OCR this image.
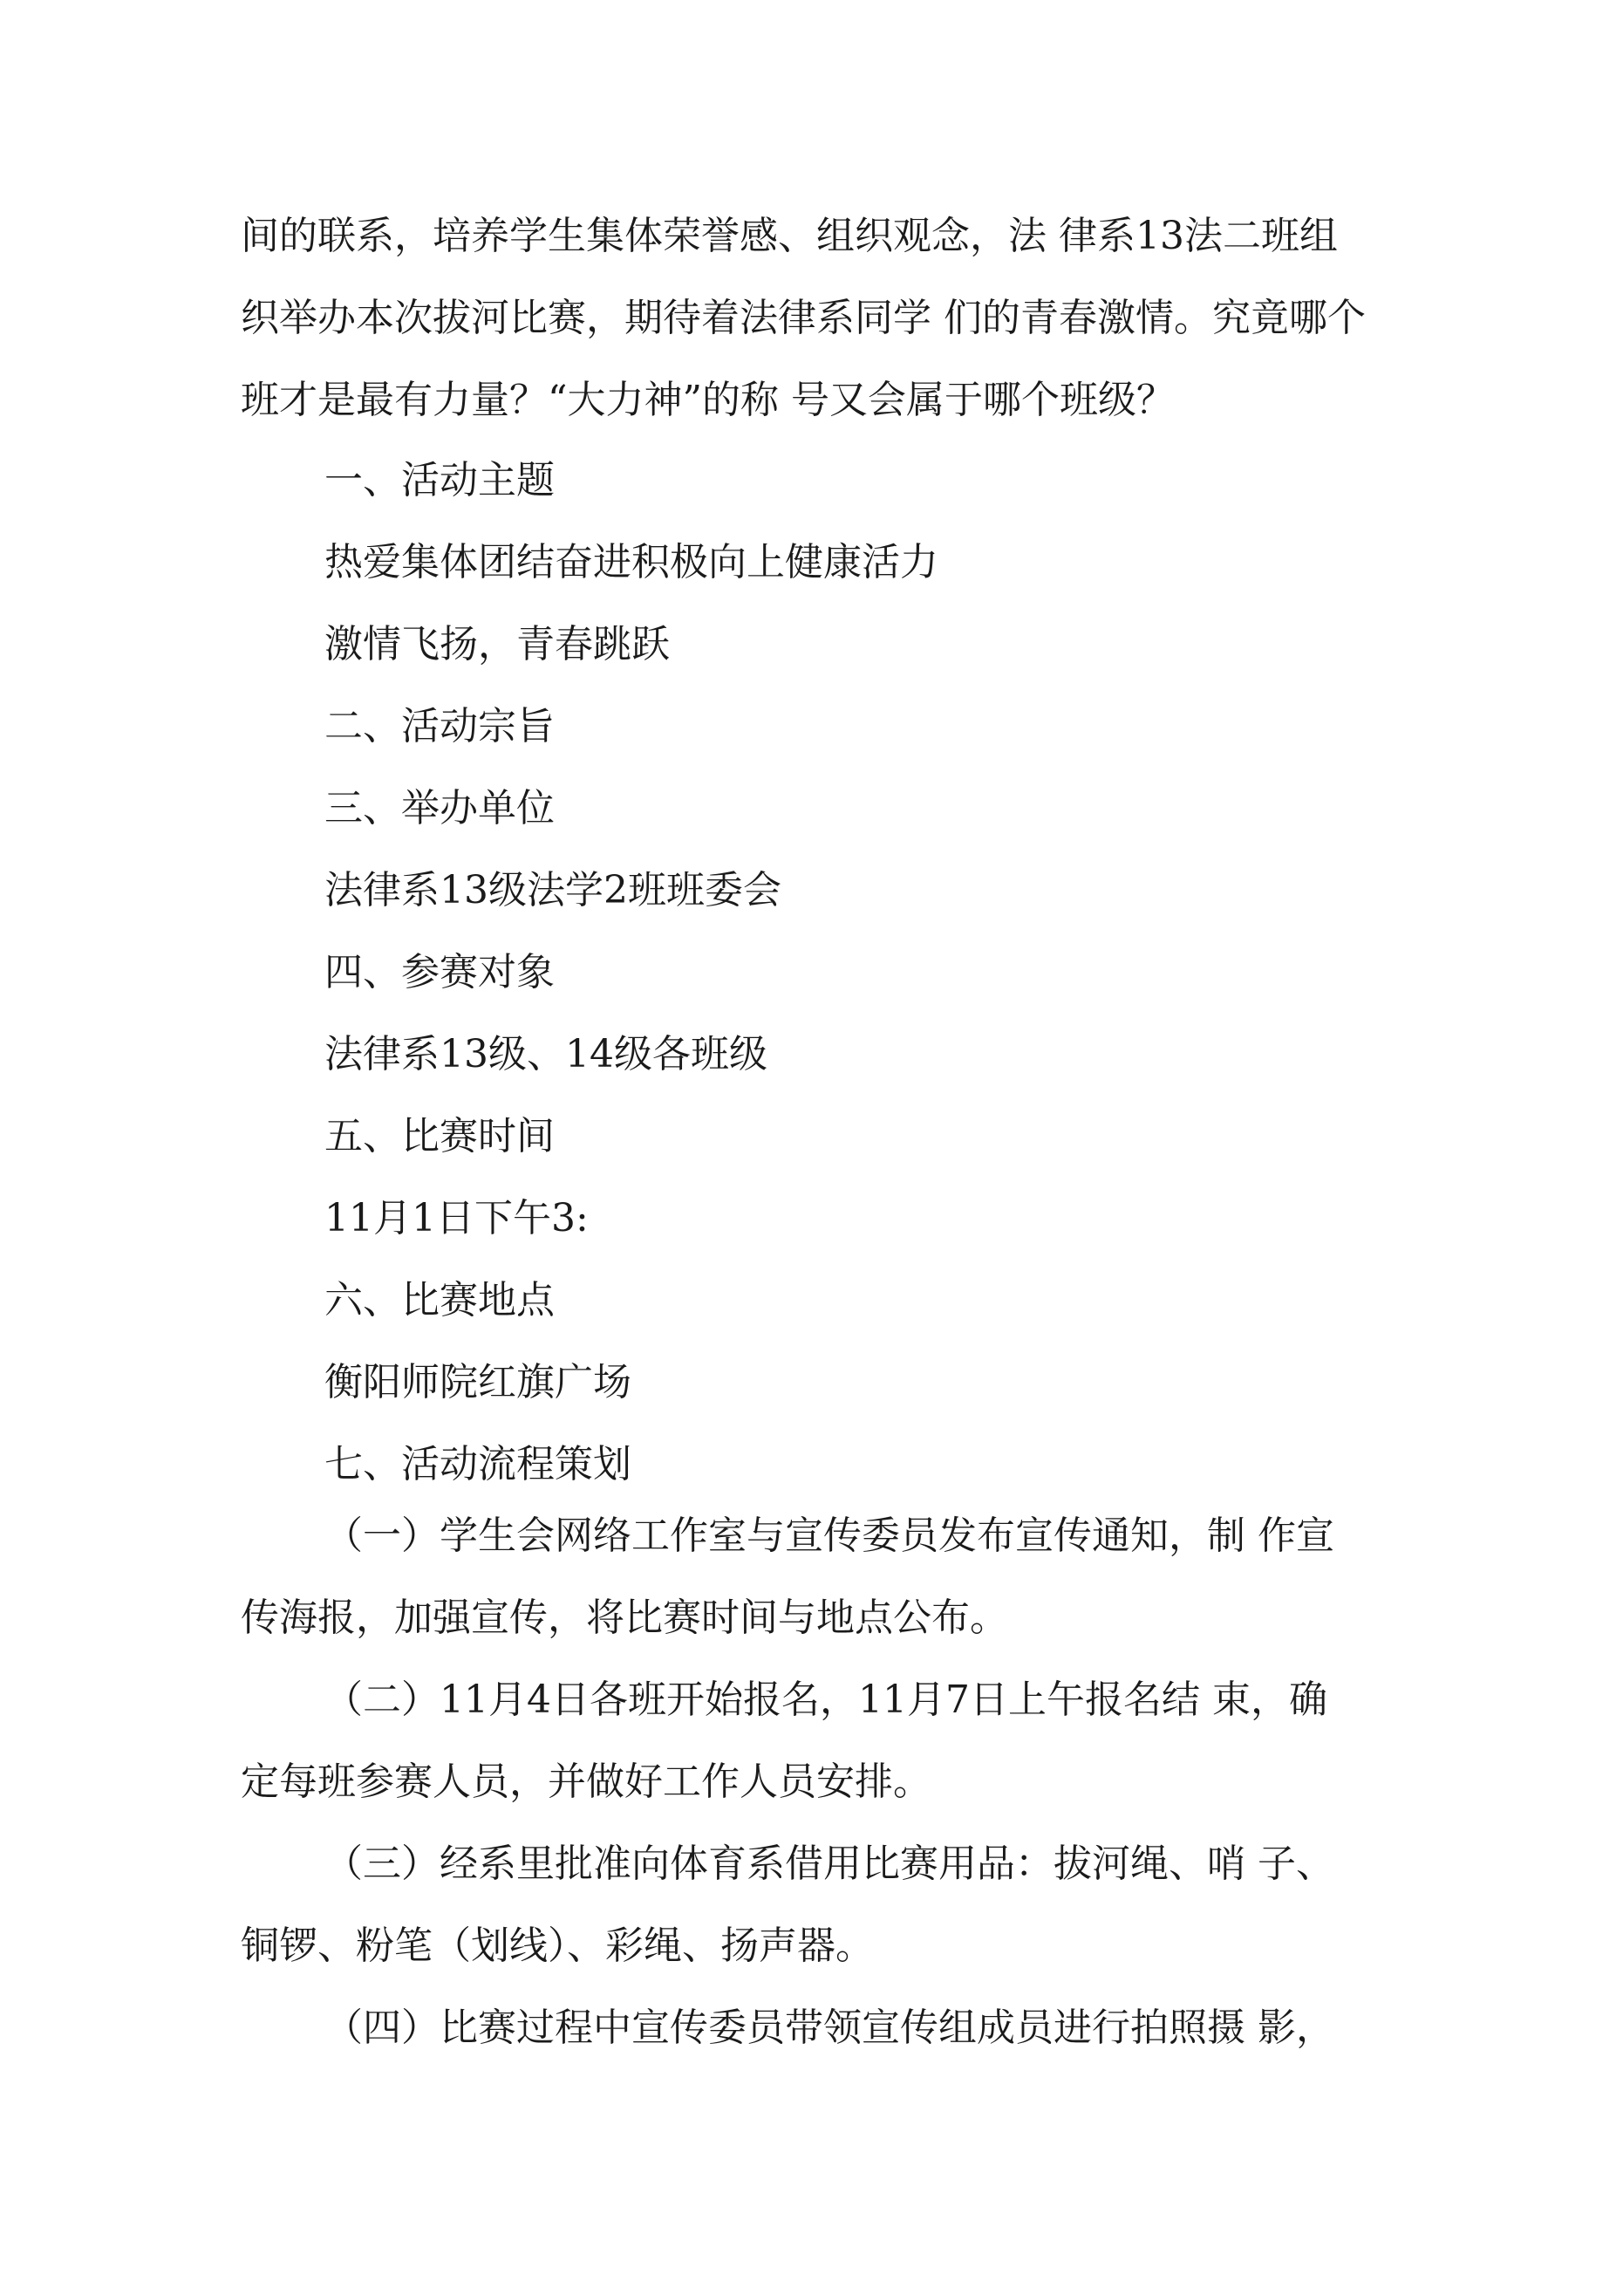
间的联系，培养学生集体荣誉感、组织观念，法 律系13法二班组

织举办本次拔河比赛，期待着法律系同学 们的青春激情。究竟哪个

班才是最有力量？“大力神”的称 号又会属于哪个班级？

一、活动主题

热爱集体团结奋进积极向上健康活力

激情飞扬，青春跳跃

二、活动宗旨

三、举办单位

法律系13级法学2班班委会

四、参赛对象

法律系13级、14级各班级

五、比赛时间

11月1日下午3:

六、比赛地点

衡阳师院红旗广场

七、活动流程策划

（一）学生会网络工作室与宣传委员发布宣传通知，制 作宣

传海报，加强宣传，将比赛时间与地点公布。

（二）11月4日各班开始报名，11月7日上午报名结 束，确

定每班参赛人员，并做好工作人员安排。

（三）经系里批准向体育系借用比赛用品：拔河绳、哨 子、

铜锣、粉笔（划线）、彩绳、扬声器。

（四）比赛过程中宣传委员带领宣传组成员进行拍照摄 影，
